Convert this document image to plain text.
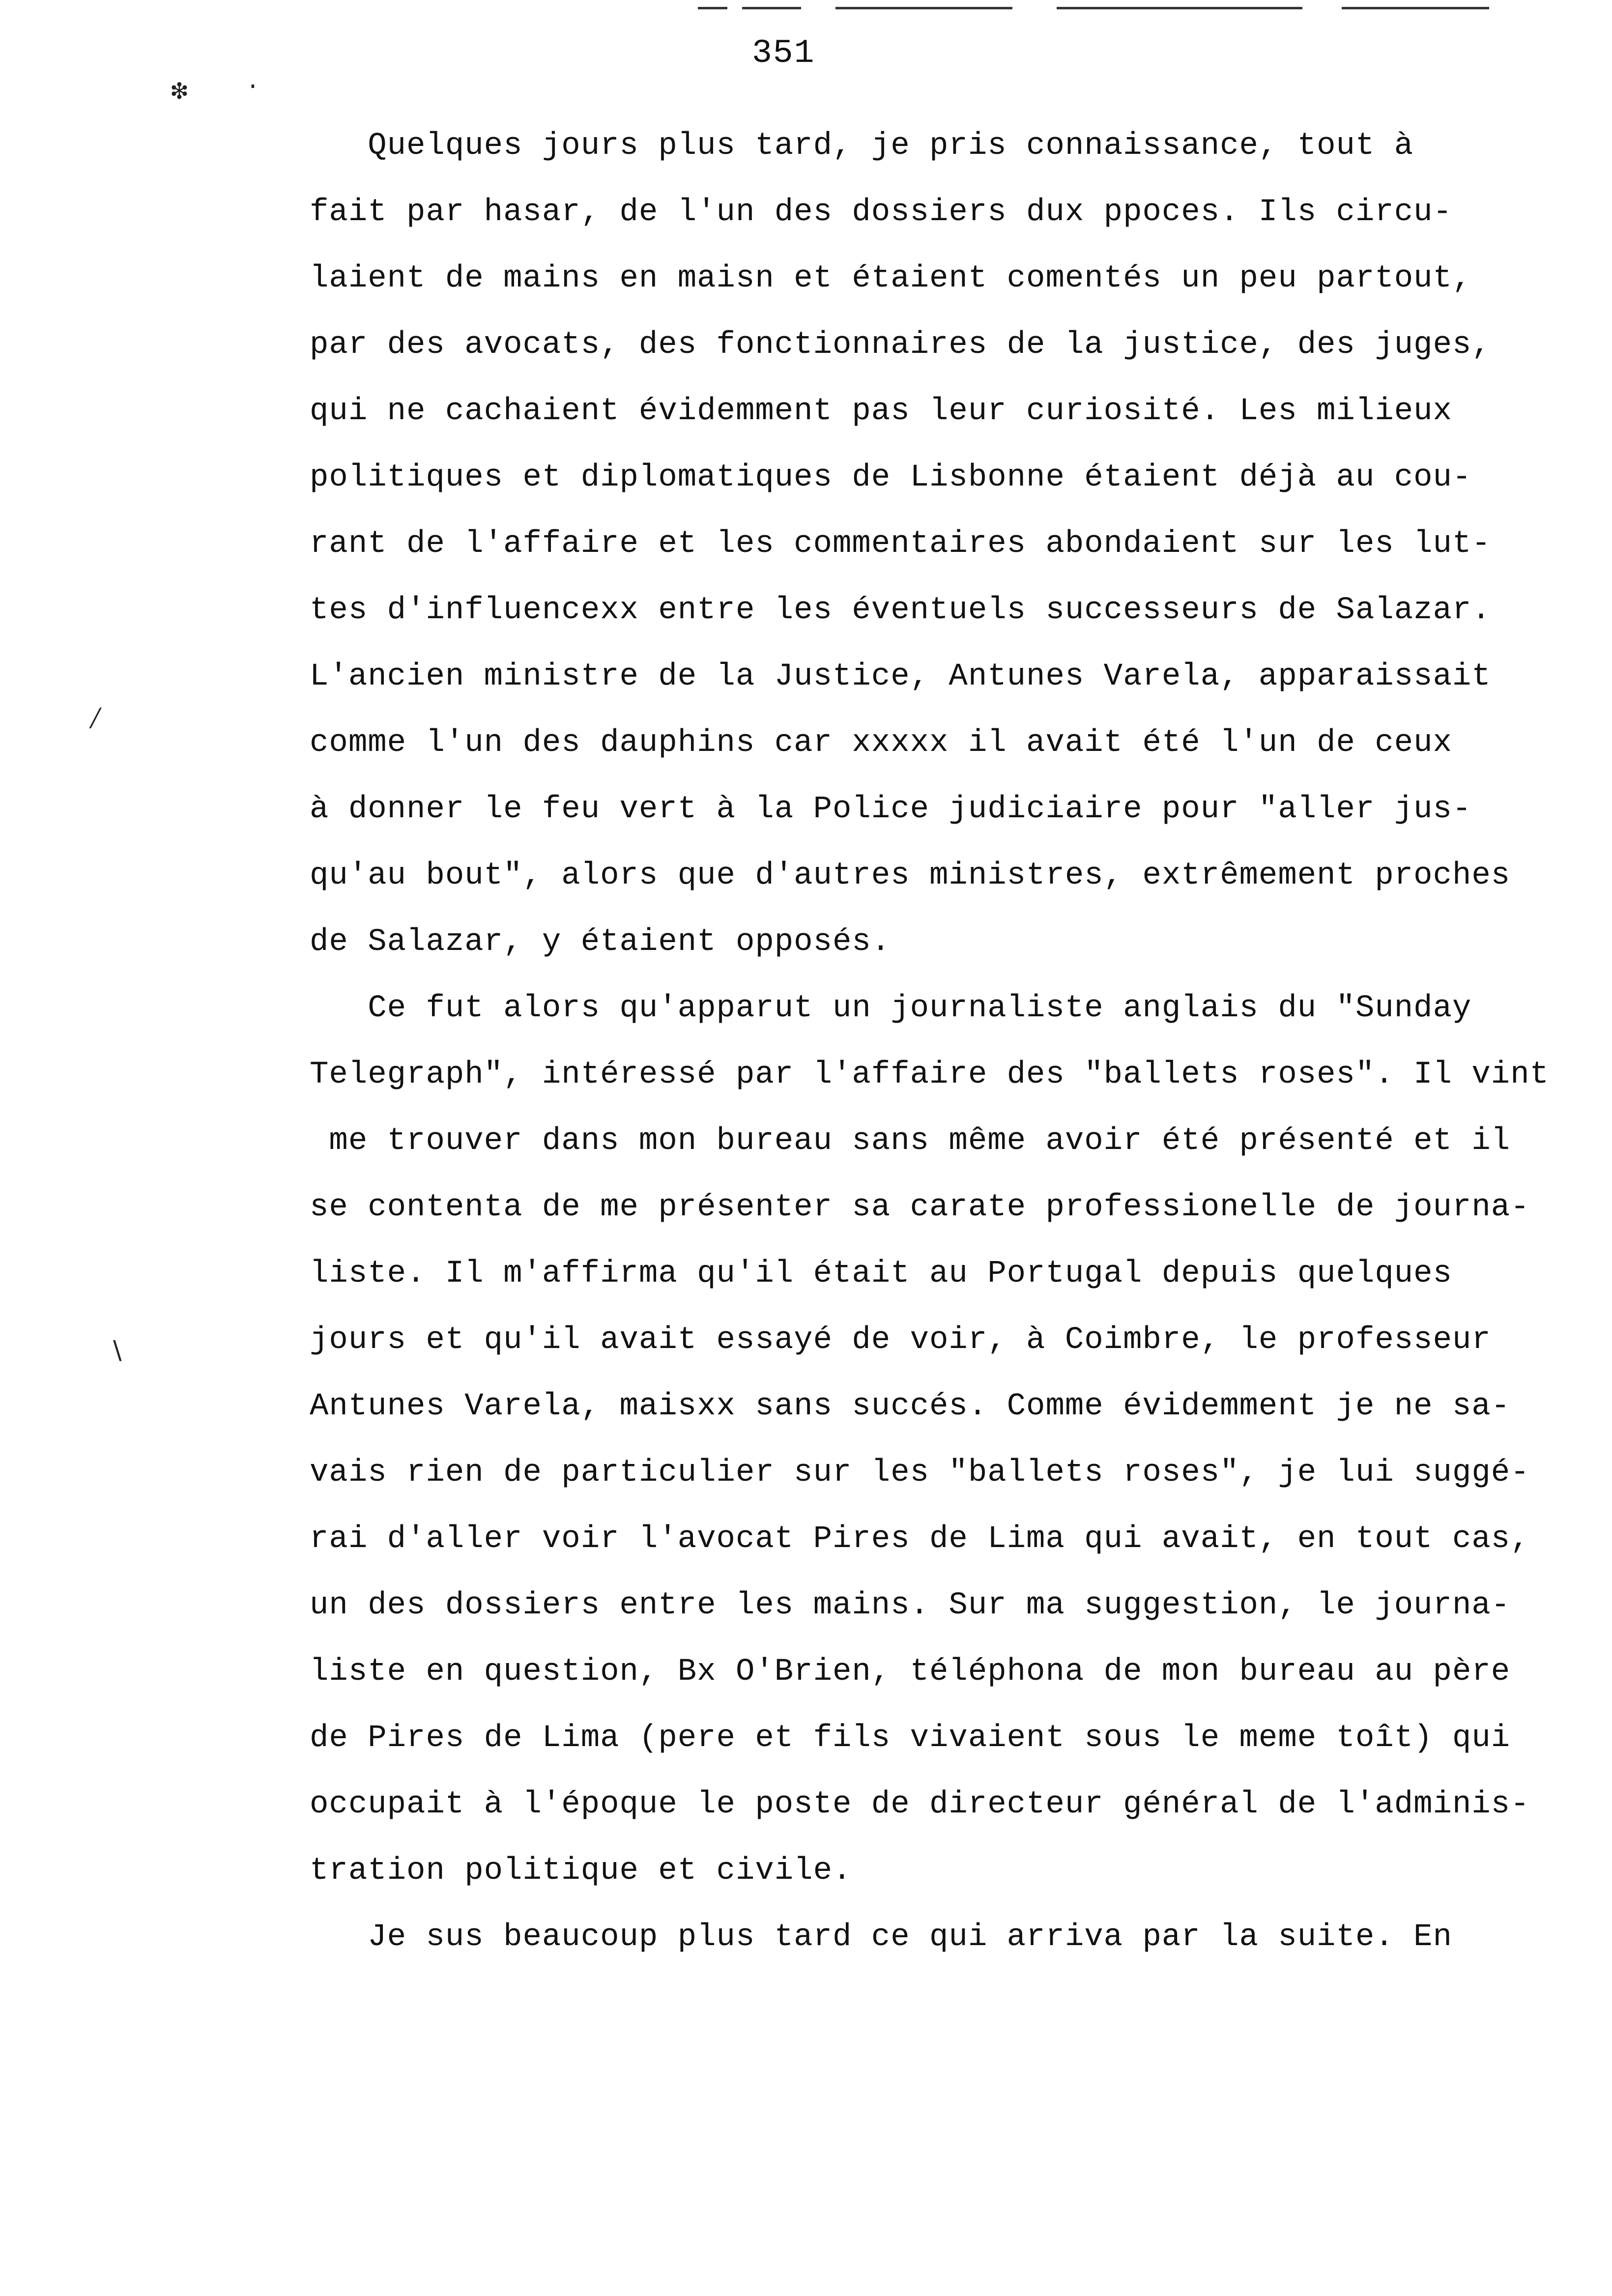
351
❇ ·
⁄
∖
Quelques jours plus tard, je pris connaissance, tout à
fait par hasar, de l'un des dossiers dux ppoces. Ils circu-
laient de mains en maisn et étaient comentés un peu partout,
par des avocats, des fonctionnaires de la justice, des juges,
qui ne cachaient évidemment pas leur curiosité. Les milieux
politiques et diplomatiques de Lisbonne étaient déjà au cou-
rant de l'affaire et les commentaires abondaient sur les lut-
tes d'influencexx entre les éventuels successeurs de Salazar.
L'ancien ministre de la Justice, Antunes Varela, apparaissait
comme l'un des dauphins car xxxxx il avait été l'un de ceux
à donner le feu vert à la Police judiciaire pour "aller jus-
qu'au bout", alors que d'autres ministres, extrêmement proches
de Salazar, y étaient opposés.
Ce fut alors qu'apparut un journaliste anglais du "Sunday
Telegraph", intéressé par l'affaire des "ballets roses". Il vint
me trouver dans mon bureau sans même avoir été présenté et il
se contenta de me présenter sa carate professionelle de journa-
liste. Il m'affirma qu'il était au Portugal depuis quelques
jours et qu'il avait essayé de voir, à Coimbre, le professeur
Antunes Varela, maisxx sans succés. Comme évidemment je ne sa-
vais rien de particulier sur les "ballets roses", je lui suggé-
rai d'aller voir l'avocat Pires de Lima qui avait, en tout cas,
un des dossiers entre les mains. Sur ma suggestion, le journa-
liste en question, Bx O'Brien, téléphona de mon bureau au père
de Pires de Lima (pere et fils vivaient sous le meme toît) qui
occupait à l'époque le poste de directeur général de l'adminis-
tration politique et civile.
Je sus beaucoup plus tard ce qui arriva par la suite. En
